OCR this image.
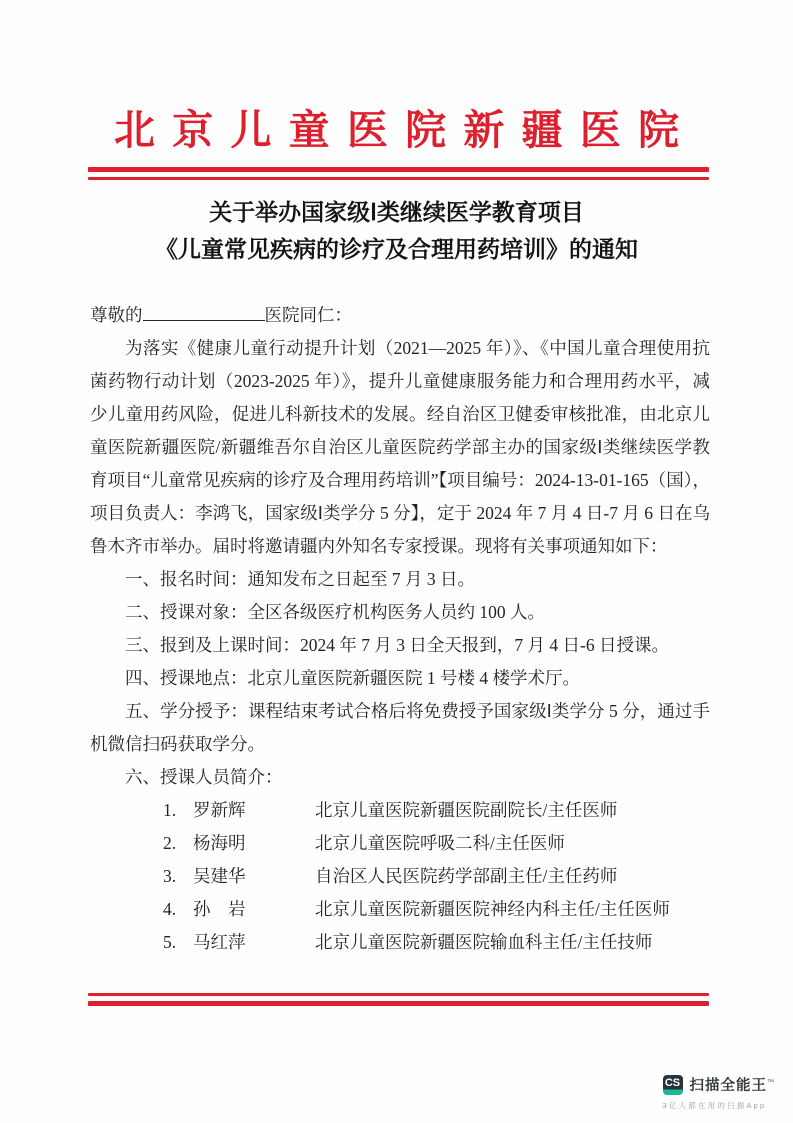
北京儿童医院新疆医院
关于举办国家级Ⅰ类继续医学教育项目
《儿童常见疾病的诊疗及合理用药培训》的通知

尊敬的	医院同仁：

为落实《健康儿童行动提升计划（2021—2025 年）》、《中国儿童合理使用抗菌药物行动计划（2023-2025 年）》，提升儿童健康服务能力和合理用药水平，减少儿童用药风险，促进儿科新技术的发展。经自治区卫健委审核批准，由北京儿童医院新疆医院/新疆维吾尔自治区儿童医院药学部主办的国家级Ⅰ类继续医学教育项目“儿童常见疾病的诊疗及合理用药培训”【项目编号：2024-13-01-165（国），项目负责人：李鸿飞，国家级Ⅰ类学分 5 分】，定于 2024 年 7 月 4 日-7 月 6 日在乌鲁木齐市举办。届时将邀请疆内外知名专家授课。现将有关事项通知如下：

一、报名时间：通知发布之日起至 7 月 3 日。

二、授课对象：全区各级医疗机构医务人员约 100 人。

三、报到及上课时间：2024 年 7 月 3 日全天报到，7 月 4 日-6 日授课。

四、授课地点：北京儿童医院新疆医院 1 号楼 4 楼学术厅。

五、学分授予：课程结束考试合格后将免费授予国家级Ⅰ类学分 5 分，通过手机微信扫码获取学分。

六、授课人员简介：

1. 罗新辉	北京儿童医院新疆医院副院长/主任医师
2. 杨海明	北京儿童医院呼吸二科/主任医师
3. 吴建华	自治区人民医院药学部副主任/主任药师
4. 孙　岩	北京儿童医院新疆医院神经内科主任/主任医师
5. 马红萍	北京儿童医院新疆医院输血科主任/主任技师
CS 扫描全能王™
3亿人都在用的扫描App
